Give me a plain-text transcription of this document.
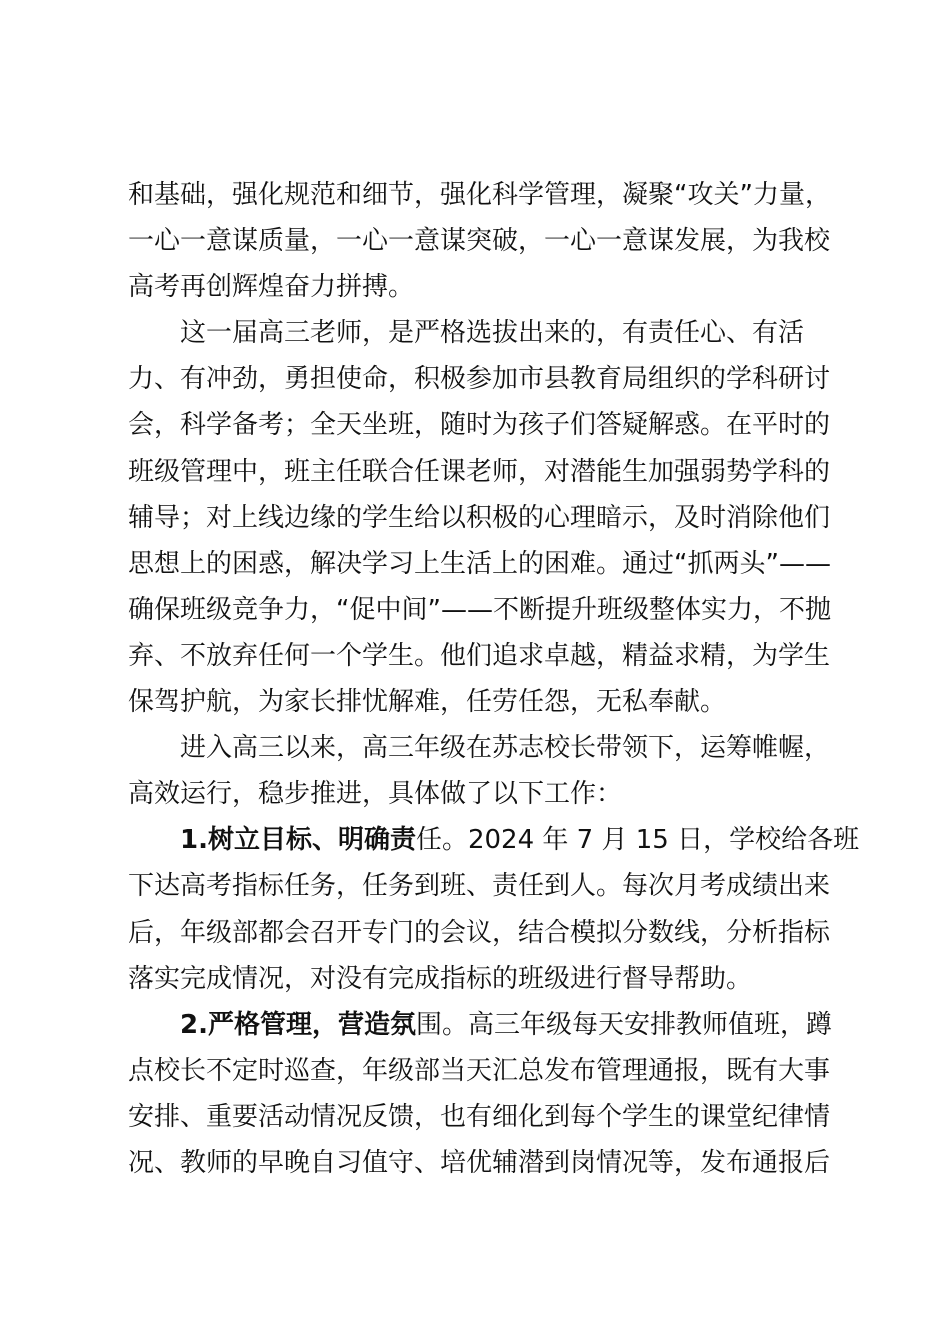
和基础，强化规范和细节，强化科学管理，凝聚“攻关”力量，
一心一意谋质量，一心一意谋突破，一心一意谋发展，为我校
高考再创辉煌奋力拼搏。
这一届高三老师，是严格选拔出来的，有责任心、有活
力、有冲劲，勇担使命，积极参加市县教育局组织的学科研讨
会，科学备考；全天坐班，随时为孩子们答疑解惑。在平时的
班级管理中，班主任联合任课老师，对潜能生加强弱势学科的
辅导；对上线边缘的学生给以积极的心理暗示，及时消除他们
思想上的困惑，解决学习上生活上的困难。通过“抓两头”——
确保班级竞争力，“促中间”——不断提升班级整体实力，不抛
弃、不放弃任何一个学生。他们追求卓越，精益求精，为学生
保驾护航，为家长排忧解难，任劳任怨，无私奉献。
进入高三以来，高三年级在苏志校长带领下，运筹帷幄，
高效运行，稳步推进，具体做了以下工作：
1.树立目标、明确责任。2024 年 7 月 15 日，学校给各班
下达高考指标任务，任务到班、责任到人。每次月考成绩出来
后，年级部都会召开专门的会议，结合模拟分数线，分析指标
落实完成情况，对没有完成指标的班级进行督导帮助。
2.严格管理，营造氛围。高三年级每天安排教师值班，蹲
点校长不定时巡查，年级部当天汇总发布管理通报，既有大事
安排、重要活动情况反馈，也有细化到每个学生的课堂纪律情
况、教师的早晚自习值守、培优辅潜到岗情况等，发布通报后
